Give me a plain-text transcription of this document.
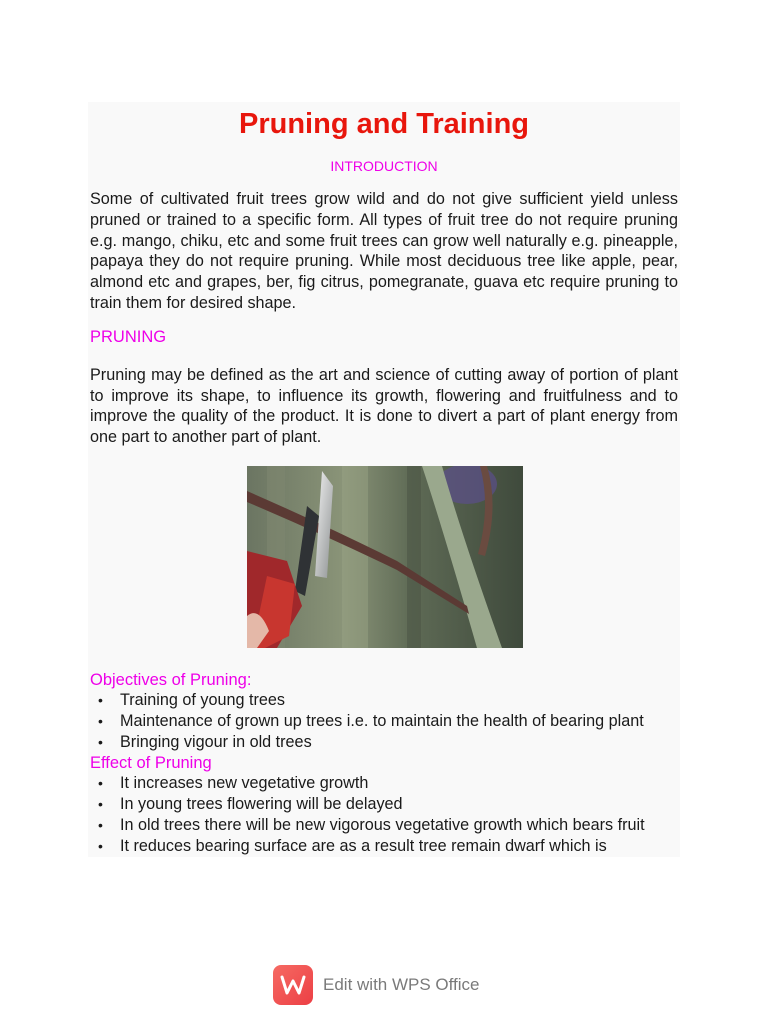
Pruning and Training

INTRODUCTION

Some of cultivated fruit trees grow wild and do not give sufficient yield unless pruned or trained to a specific form. All types of fruit tree do not require pruning e.g. mango, chiku, etc and some fruit trees can grow well naturally e.g. pineapple, papaya they do not require pruning. While most deciduous tree like apple, pear, almond etc and grapes, ber, fig citrus, pomegranate, guava etc require pruning to train them for desired shape.

PRUNING

Pruning may be defined as the art and science of cutting away of portion of plant to improve its shape, to influence its growth, flowering and fruitfulness and to improve the quality of the product. It is done to divert a part of plant energy from one part to another part of plant.

Objectives of Pruning:

• Training of young trees
• Maintenance of grown up trees i.e. to maintain the health of bearing plant
• Bringing vigour in old trees

Effect of Pruning

• It increases new vegetative growth
• In young trees flowering will be delayed
• In old trees there will be new vigorous vegetative growth which bears fruit
• It reduces bearing surface are as a result tree remain dwarf which is
Edit with WPS Office
